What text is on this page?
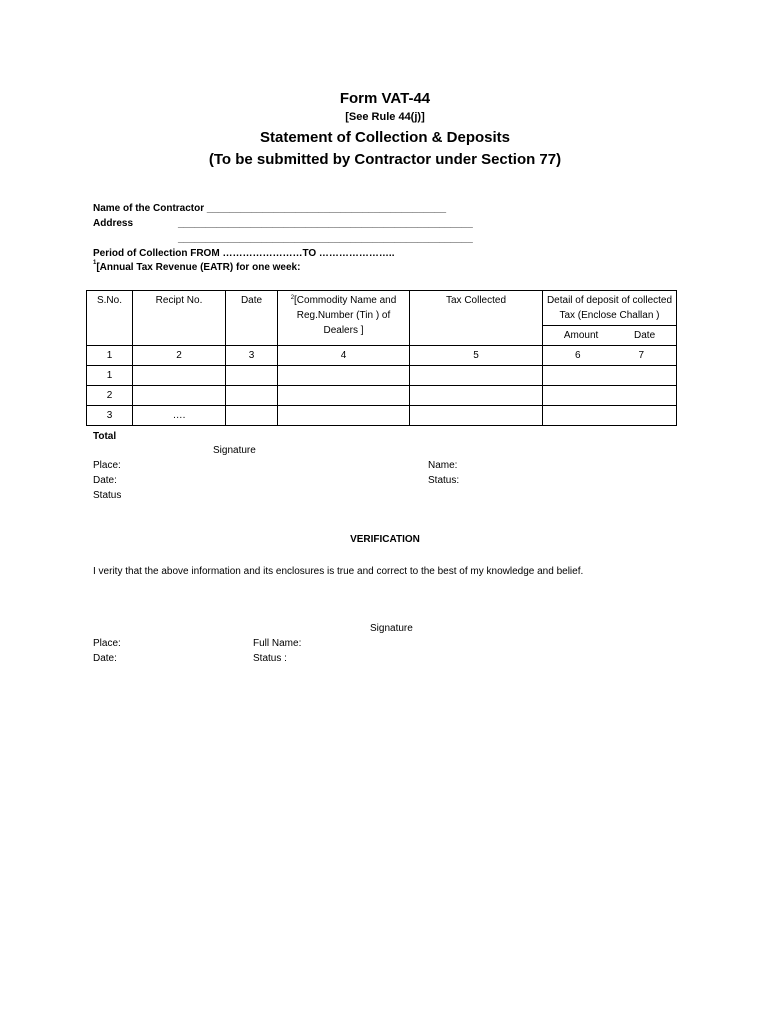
Form VAT-44
[See Rule 44(j)]
Statement of Collection & Deposits
(To be submitted by Contractor under Section 77)
Name of the Contractor ___________________________________________
Address	_____________________________________________________
_____________________________________________________
Period of Collection FROM ……………………TO …………………..
$^1$[Annual Tax Revenue (EATR) for one week:
S.No.	Recipt No.	Date	$^2$[Commodity Name and Reg.Number (Tin ) of Dealers ]	Tax Collected	Detail of deposit of collected Tax (Enclose Challan )

					Amount Date

1	2	3	4	5	6 7

1					
2					
3	….				
Total
Signature
Place:
Date:
Status
Name:
Status:
VERIFICATION
I verity that the above information and its enclosures is true and correct to the best of my knowledge and belief.
Signature
Place:
Date:
Full Name:
Status :
